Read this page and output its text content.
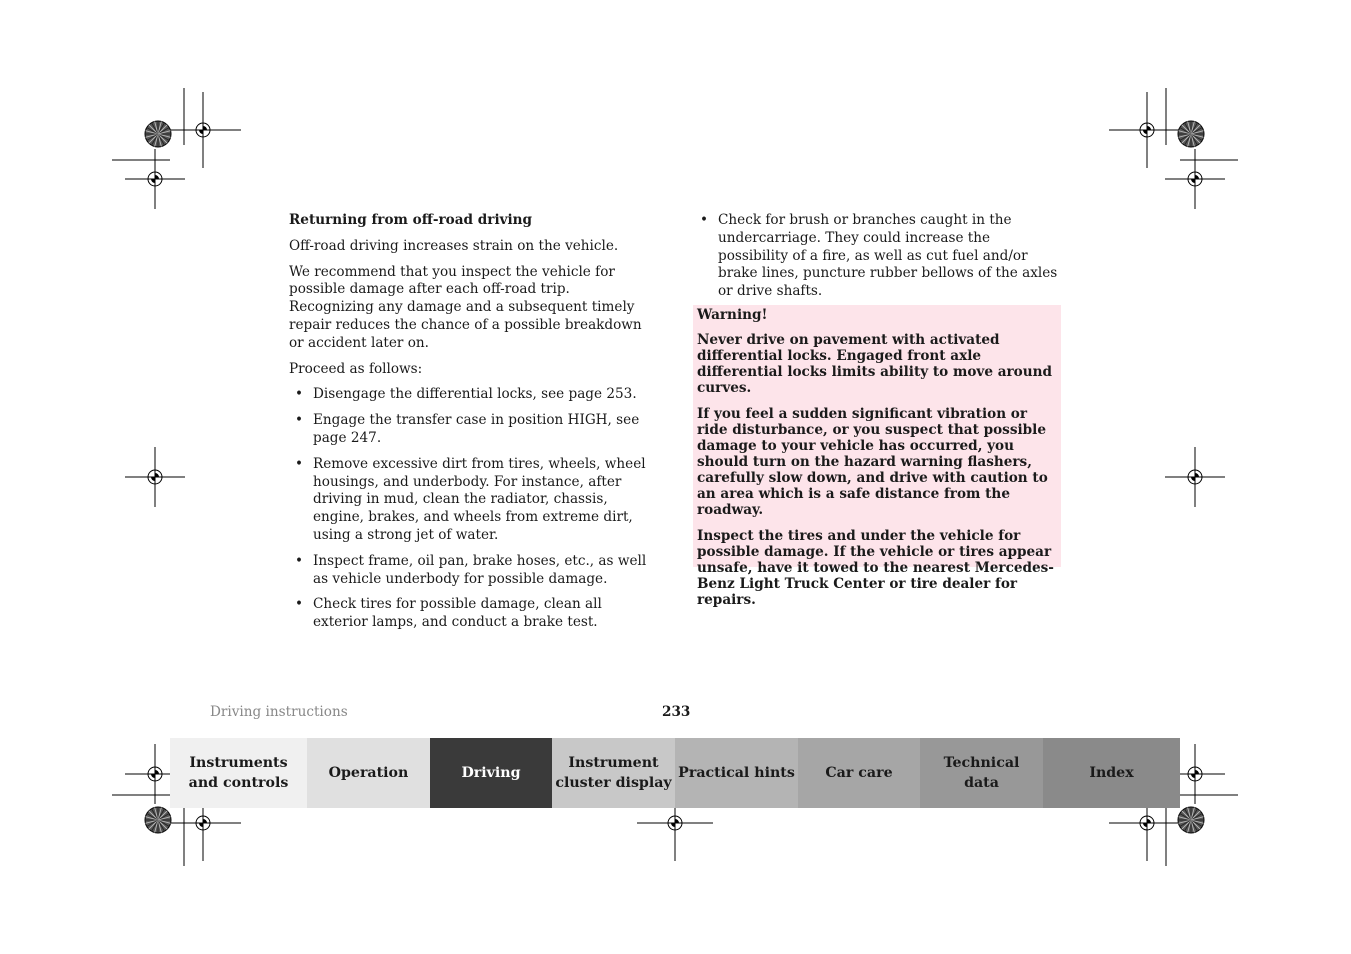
Returning from off-road driving

Off-road driving increases strain on the vehicle.

We recommend that you inspect the vehicle for possible damage after each off-road trip. Recognizing any damage and a subsequent timely repair reduces the chance of a possible breakdown or accident later on.

Proceed as follows:

• Disengage the differential locks, see page 253.
• Engage the transfer case in position HIGH, see page 247.
• Remove excessive dirt from tires, wheels, wheel housings, and underbody. For instance, after driving in mud, clean the radiator, chassis, engine, brakes, and wheels from extreme dirt, using a strong jet of water.
• Inspect frame, oil pan, brake hoses, etc., as well as vehicle underbody for possible damage.
• Check tires for possible damage, clean all exterior lamps, and conduct a brake test.
• Check for brush or branches caught in the undercarriage. They could increase the possibility of a fire, as well as cut fuel and/or brake lines, puncture rubber bellows of the axles or drive shafts.

Warning!

Never drive on pavement with activated differential locks. Engaged front axle differential locks limits ability to move around curves.

If you feel a sudden significant vibration or ride disturbance, or you suspect that possible damage to your vehicle has occurred, you should turn on the hazard warning flashers, carefully slow down, and drive with caution to an area which is a safe distance from the roadway.

Inspect the tires and under the vehicle for possible damage. If the vehicle or tires appear unsafe, have it towed to the nearest Mercedes-Benz Light Truck Center or tire dealer for repairs.

Driving instructions	233
Instruments
and controls
Operation	Driving
Instrument
cluster display
Practical hints	Car care
Technical
data
Index
